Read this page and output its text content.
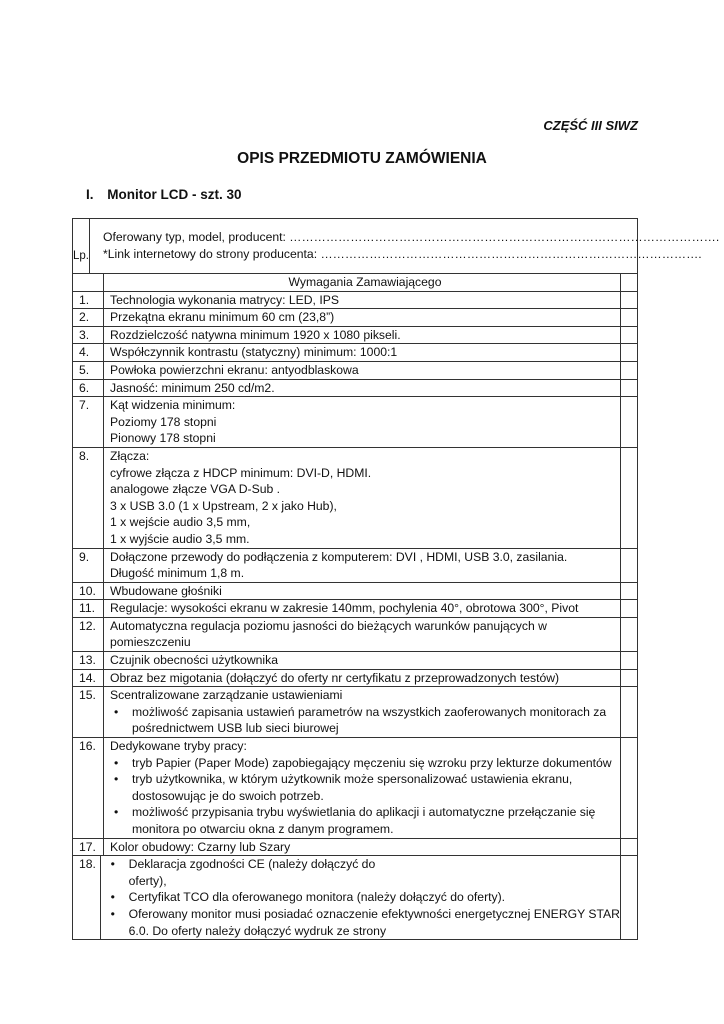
CZĘŚĆ III SIWZ
OPIS PRZEDMIOTU ZAMÓWIENIA
I. Monitor LCD - szt. 30
Lp.
Oferowany typ, model, producent: …………………………………………………………………………………………….
*Link internetowy do strony producenta: ………………………………………………………………………………….
Wymagania Zamawiającego
1.	Technologia wykonania matrycy: LED, IPS
2.	Przekątna ekranu minimum 60 cm (23,8”)
3.	Rozdzielczość natywna minimum 1920 x 1080 pikseli.
4.	Współczynnik kontrastu (statyczny) minimum: 1000:1
5.	Powłoka powierzchni ekranu: antyodblaskowa
6.	Jasność: minimum 250 cd/m2.
7.	Kąt widzenia minimum:
Poziomy 178 stopni
Pionowy 178 stopni
8.	Złącza:
cyfrowe złącza z HDCP minimum: DVI-D, HDMI.
analogowe złącze VGA D-Sub .
3 x USB 3.0 (1 x Upstream, 2 x jako Hub),
1 x wejście audio 3,5 mm,
1 x wyjście audio 3,5 mm.
9.	Dołączone przewody do podłączenia z komputerem: DVI , HDMI, USB 3.0, zasilania.
Długość minimum 1,8 m.
10.	Wbudowane głośniki
11.	Regulacje: wysokości ekranu w zakresie 140mm, pochylenia 40°, obrotowa 300°, Pivot
12.	Automatyczna regulacja poziomu jasności do bieżących warunków panujących w
pomieszczeniu
13.	Czujnik obecności użytkownika
14.	Obraz bez migotania (dołączyć do oferty nr certyfikatu z przeprowadzonych testów)
15.	Scentralizowane zarządzanie ustawieniami
• możliwość zapisania ustawień parametrów na wszystkich zaoferowanych monitorach za
pośrednictwem USB lub sieci biurowej
16.	Dedykowane tryby pracy:
• tryb Papier (Paper Mode) zapobiegający męczeniu się wzroku przy lekturze dokumentów
• tryb użytkownika, w którym użytkownik może spersonalizować ustawienia ekranu,
dostosowując je do swoich potrzeb.
• możliwość przypisania trybu wyświetlania do aplikacji i automatyczne przełączanie się
monitora po otwarciu okna z danym programem.
17.	Kolor obudowy: Czarny lub Szary
18.
•	Deklaracja zgodności CE (należy dołączyć do
oferty),
• Certyfikat TCO dla oferowanego monitora (należy dołączyć do oferty).
• Oferowany monitor musi posiadać oznaczenie efektywności energetycznej ENERGY STAR
6.0. Do oferty należy dołączyć wydruk ze strony
